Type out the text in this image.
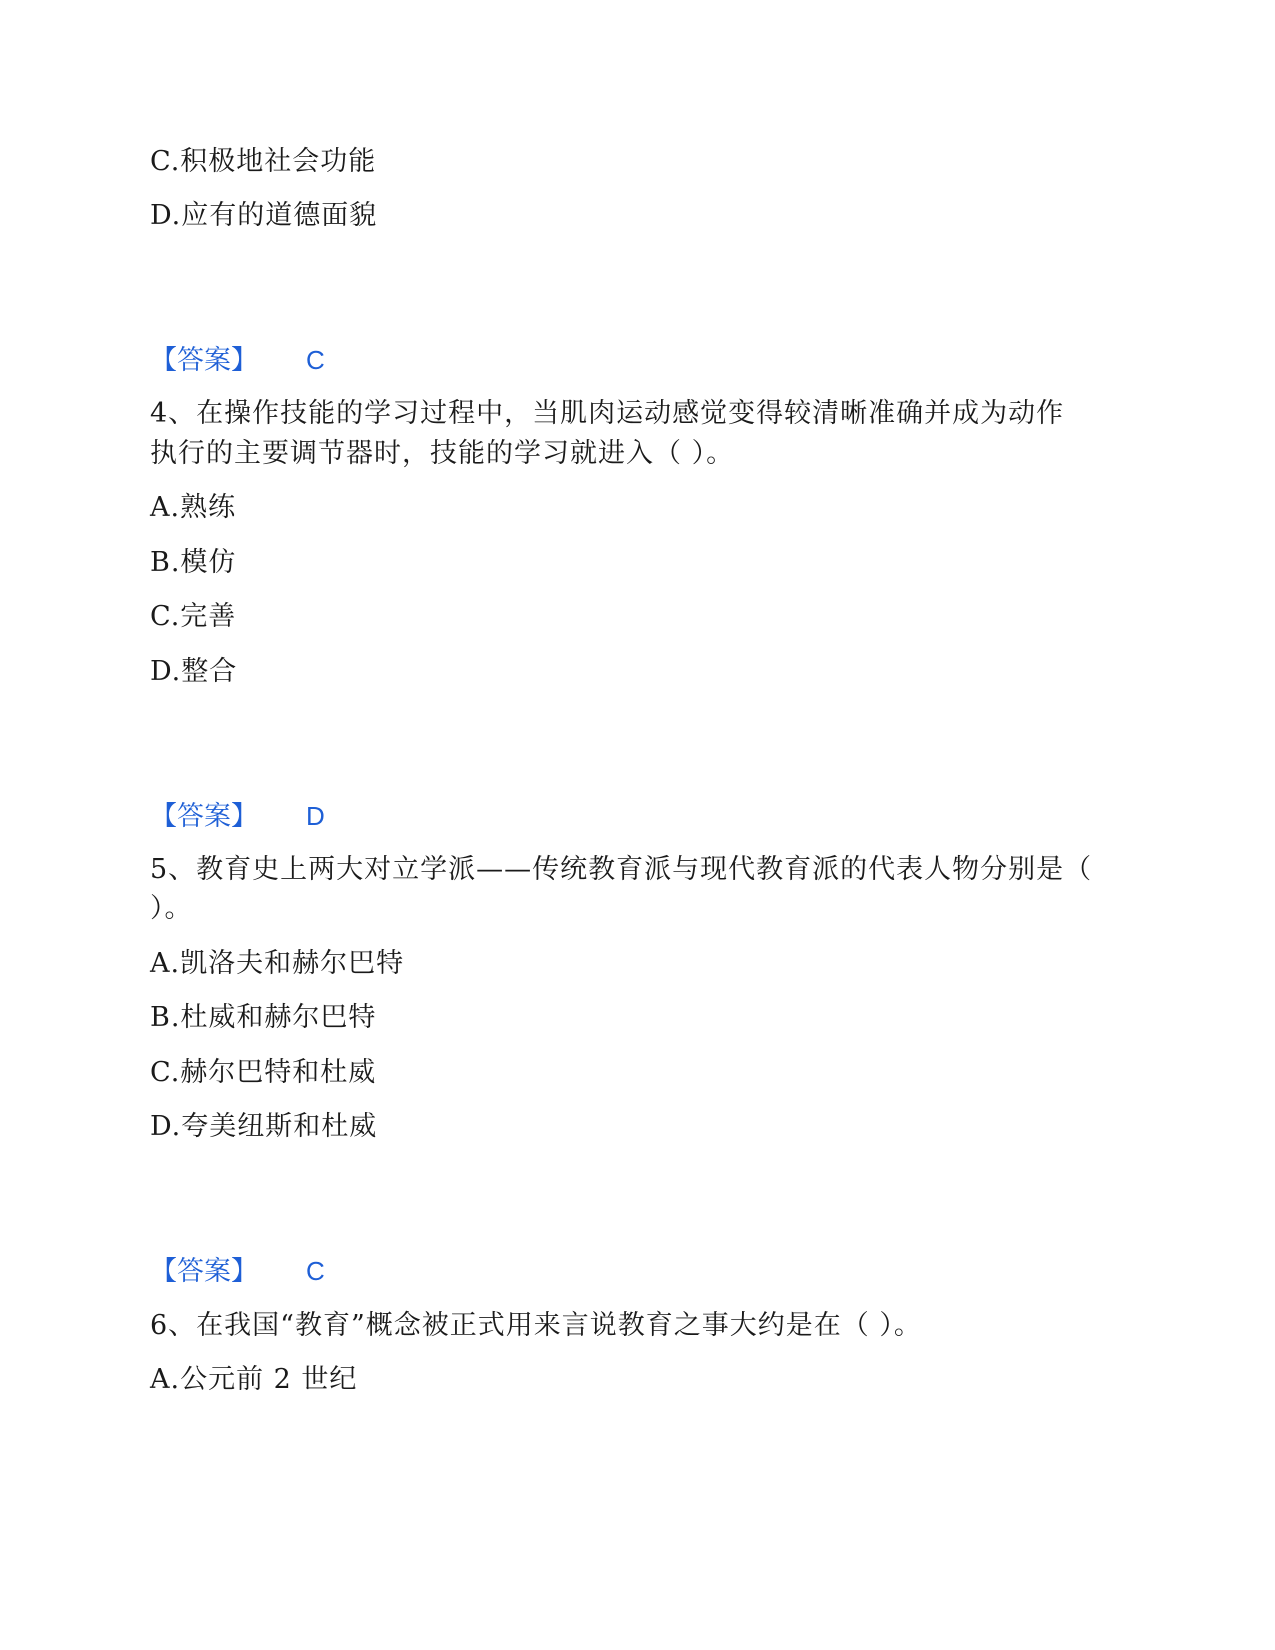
C.积极地社会功能
D.应有的道德面貌
【答案】 C
4、在操作技能的学习过程中，当肌肉运动感觉变得较清晰准确并成为动作
执行的主要调节器时，技能的学习就进入（ ）。
A.熟练
B.模仿
C.完善
D.整合
【答案】 D
5、教育史上两大对立学派——传统教育派与现代教育派的代表人物分别是（
）。
A.凯洛夫和赫尔巴特
B.杜威和赫尔巴特
C.赫尔巴特和杜威
D.夸美纽斯和杜威
【答案】 C
6、在我国“教育”概念被正式用来言说教育之事大约是在（ ）。
A.公元前 2 世纪
